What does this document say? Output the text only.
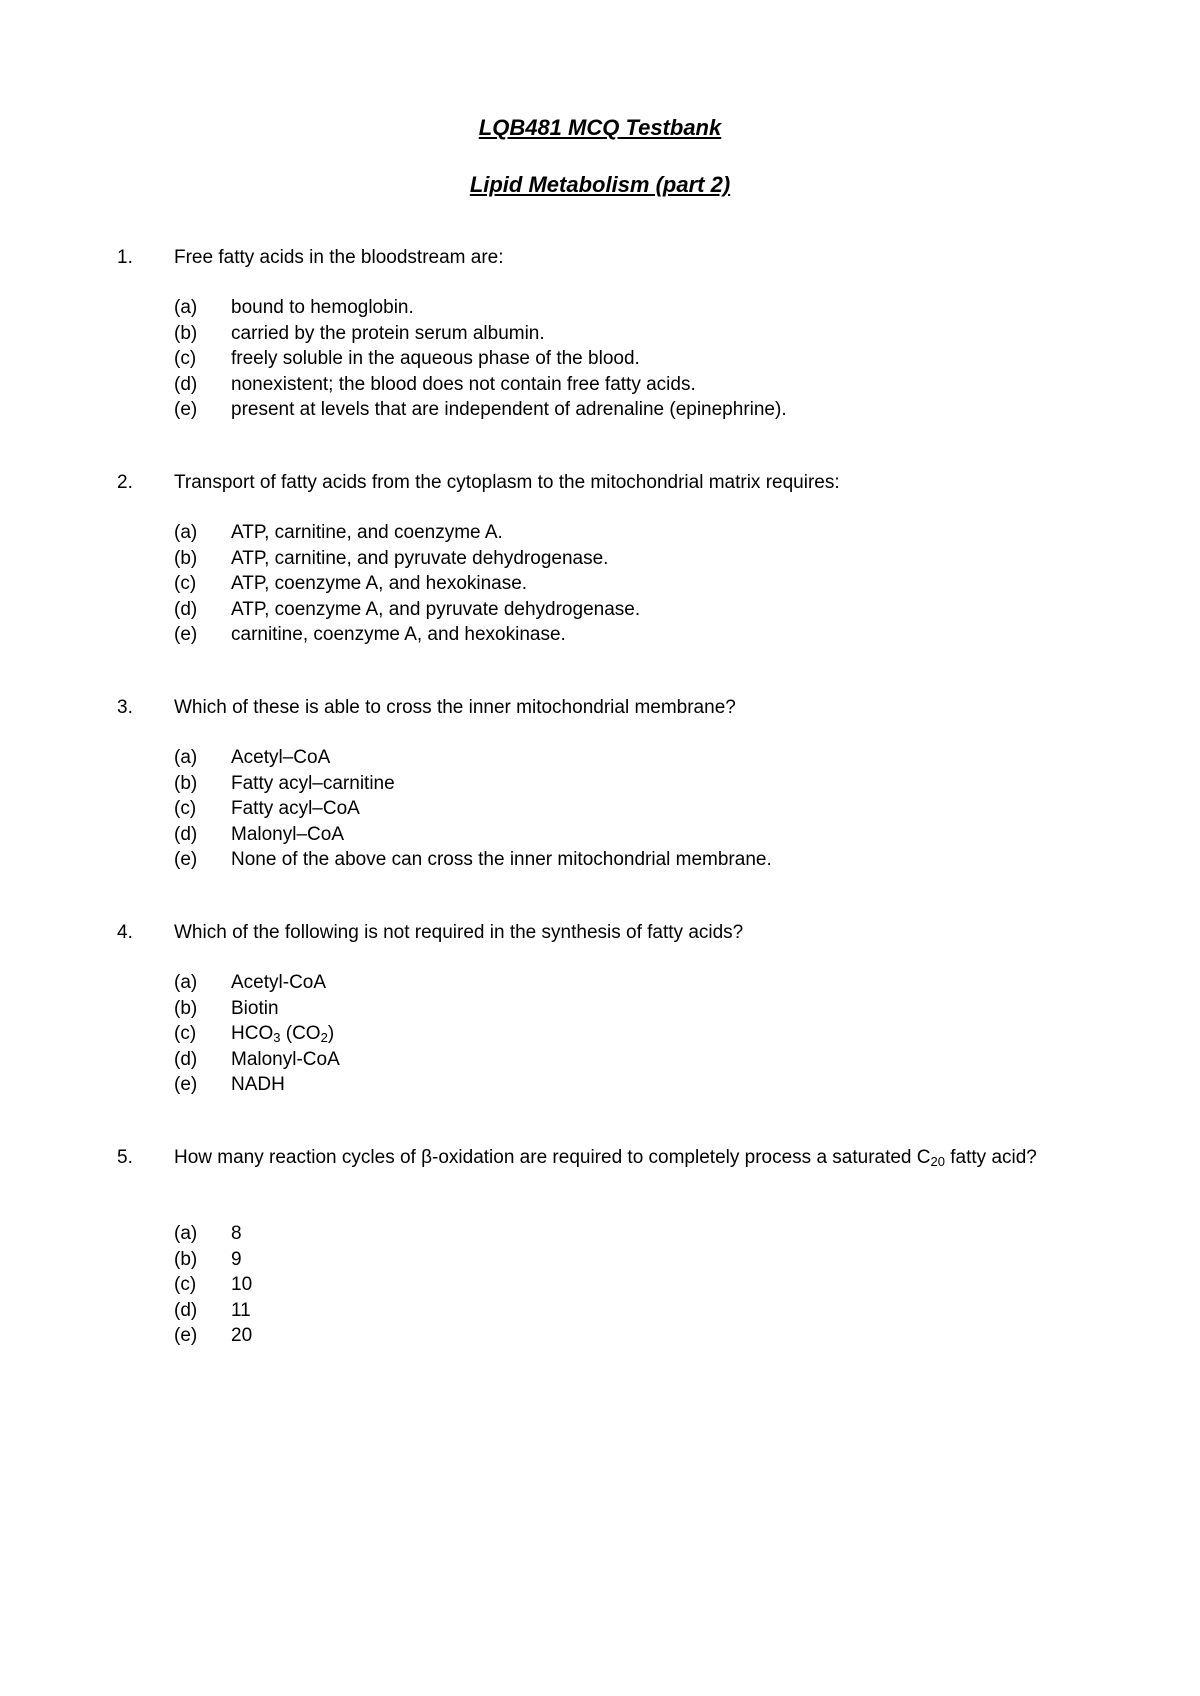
LQB481 MCQ Testbank
Lipid Metabolism (part 2)
1. Free fatty acids in the bloodstream are:
(a) bound to hemoglobin.
(b) carried by the protein serum albumin.
(c) freely soluble in the aqueous phase of the blood.
(d) nonexistent; the blood does not contain free fatty acids.
(e) present at levels that are independent of adrenaline (epinephrine).
2. Transport of fatty acids from the cytoplasm to the mitochondrial matrix requires:
(a) ATP, carnitine, and coenzyme A.
(b) ATP, carnitine, and pyruvate dehydrogenase.
(c) ATP, coenzyme A, and hexokinase.
(d) ATP, coenzyme A, and pyruvate dehydrogenase.
(e) carnitine, coenzyme A, and hexokinase.
3. Which of these is able to cross the inner mitochondrial membrane?
(a) Acetyl–CoA
(b) Fatty acyl–carnitine
(c) Fatty acyl–CoA
(d) Malonyl–CoA
(e) None of the above can cross the inner mitochondrial membrane.
4. Which of the following is not required in the synthesis of fatty acids?
(a) Acetyl-CoA
(b) Biotin
(c) $HCO_3$ $(CO_2)$
(d) Malonyl-CoA
(e) NADH
5. How many reaction cycles of β-oxidation are required to completely process a saturated $C_{20}$ fatty acid?
(a) 8
(b) 9
(c) 10
(d) 11
(e) 20
